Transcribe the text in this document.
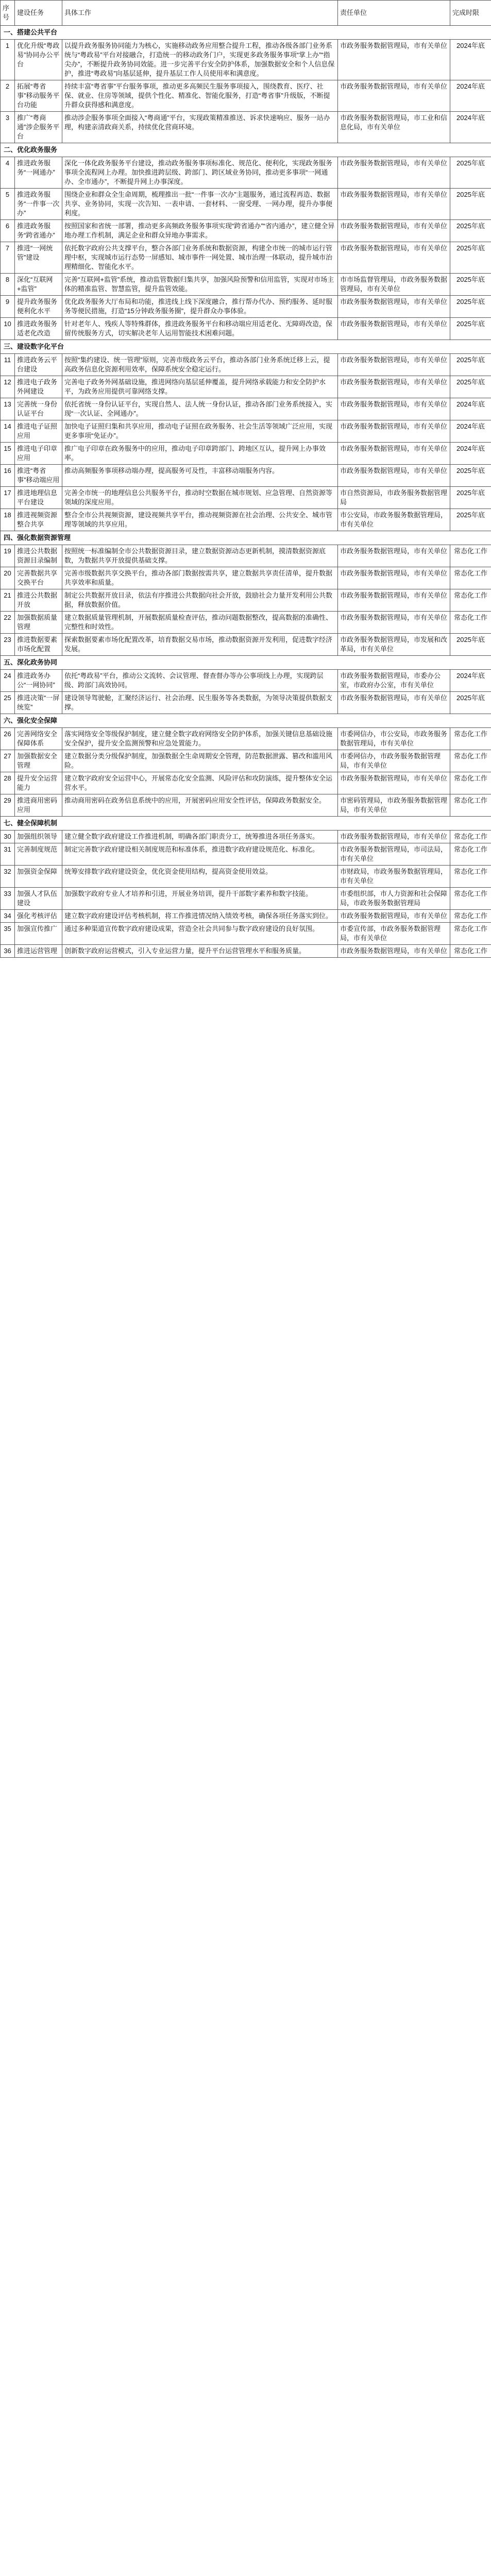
序号	建设任务	具体工作	责任单位	完成时限
一、搭建公共平台				
1	优化升级“粤政易”协同办公平台	以提升政务服务协同能力为核心，实施移动政务应用整合提升工程，推动各级各部门业务系统与“粤政易”平台对接融合，打造统一的移动政务门户，实现更多政务服务事项“掌上办”“指尖办”，不断提升政务协同效能。进一步完善平台安全防护体系，加强数据安全和个人信息保护，推进“粤政易”向基层延伸，提升基层工作人员使用率和满意度。	市政务服务数据管理局，市有关单位	2024年底
2	拓展“粤省事”移动服务平台功能	持续丰富“粤省事”平台服务事项，推动更多高频民生服务事项接入，围绕教育、医疗、社保、就业、住房等领域，提供个性化、精准化、智能化服务，打造“粤省事”升级版，不断提升群众获得感和满意度。	市政务服务数据管理局，市有关单位	2024年底
3	推广“粤商通”涉企服务平台	推动涉企服务事项全面接入“粤商通”平台，实现政策精准推送、诉求快速响应、服务一站办理，构建亲清政商关系，持续优化营商环境。	市政务服务数据管理局，市工业和信息化局，市有关单位	2024年底
二、优化政务服务				
4	推进政务服务“一网通办”	深化一体化政务服务平台建设，推动政务服务事项标准化、规范化、便利化，实现政务服务事项全流程网上办理。加快推进跨层级、跨部门、跨区域业务协同，推动更多事项“一网通办、全市通办”，不断提升网上办事深度。	市政务服务数据管理局，市有关单位	2025年底
5	推进政务服务“一件事一次办”	围绕企业和群众全生命周期，梳理推出一批“一件事一次办”主题服务，通过流程再造、数据共享、业务协同，实现一次告知、一表申请、一套材料、一窗受理、一网办理，提升办事便利度。	市政务服务数据管理局，市有关单位	2025年底
6	推进政务服务“跨省通办”	按照国家和省统一部署，推动更多高频政务服务事项实现“跨省通办”“省内通办”，建立健全异地办理工作机制，满足企业和群众异地办事需求。	市政务服务数据管理局，市有关单位	2025年底
7	推进“一网统管”建设	依托数字政府公共支撑平台，整合各部门业务系统和数据资源，构建全市统一的城市运行管理中枢，实现城市运行态势一屏感知、城市事件一网处置、城市治理一体联动，提升城市治理精细化、智能化水平。	市政务服务数据管理局，市有关单位	2025年底
8	深化“互联网+监管”	完善“互联网+监管”系统，推动监管数据归集共享，加强风险预警和信用监管，实现对市场主体的精准监管、智慧监管，提升监管效能。	市市场监督管理局，市政务服务数据管理局，市有关单位	2025年底
9	提升政务服务便利化水平	优化政务服务大厅布局和功能，推进线上线下深度融合，推行帮办代办、预约服务、延时服务等便民措施，打造“15分钟政务服务圈”，提升群众办事体验。	市政务服务数据管理局，市有关单位	2025年底
10	推进政务服务适老化改造	针对老年人、残疾人等特殊群体，推进政务服务平台和移动端应用适老化、无障碍改造，保留传统服务方式，切实解决老年人运用智能技术困难问题。	市政务服务数据管理局，市有关单位	2025年底
三、建设数字化平台				
11	推进政务云平台建设	按照“集约建设、统一管理”原则，完善市级政务云平台，推动各部门业务系统迁移上云，提高政务信息化资源利用效率，保障系统安全稳定运行。	市政务服务数据管理局，市有关单位	2025年底
12	推进电子政务外网建设	完善电子政务外网基础设施，推进网络向基层延伸覆盖，提升网络承载能力和安全防护水平，为政务应用提供可靠网络支撑。	市政务服务数据管理局，市有关单位	2025年底
13	完善统一身份认证平台	依托省统一身份认证平台，实现自然人、法人统一身份认证，推动各部门业务系统接入，实现“一次认证、全网通办”。	市政务服务数据管理局，市有关单位	2024年底
14	推进电子证照应用	加快电子证照归集和共享应用，推动电子证照在政务服务、社会生活等领域广泛应用，实现更多事项“免证办”。	市政务服务数据管理局，市有关单位	2024年底
15	推进电子印章应用	推广电子印章在政务服务中的应用，推动电子印章跨部门、跨地区互认，提升网上办事效率。	市政务服务数据管理局，市有关单位	2024年底
16	推进“粤省事”移动端应用	推动高频服务事项移动端办理，提高服务可及性，丰富移动端服务内容。	市政务服务数据管理局，市有关单位	2025年底
17	推进地理信息平台建设	完善全市统一的地理信息公共服务平台，推动时空数据在城市规划、应急管理、自然资源等领域的深度应用。	市自然资源局，市政务服务数据管理局	2025年底
18	推进视频资源整合共享	整合全市公共视频资源，建设视频共享平台，推动视频资源在社会治理、公共安全、城市管理等领域的共享应用。	市公安局，市政务服务数据管理局，市有关单位	2025年底
四、强化数据资源管理				
19	推进公共数据资源目录编制	按照统一标准编制全市公共数据资源目录，建立数据资源动态更新机制，摸清数据资源底数，为数据共享开放提供基础支撑。	市政务服务数据管理局，市有关单位	常态化工作
20	完善数据共享交换平台	完善市级数据共享交换平台，推动各部门数据按需共享，建立数据共享责任清单，提升数据共享效率和质量。	市政务服务数据管理局，市有关单位	常态化工作
21	推进公共数据开放	制定公共数据开放目录，依法有序推进公共数据向社会开放，鼓励社会力量开发利用公共数据，释放数据价值。	市政务服务数据管理局，市有关单位	常态化工作
22	加强数据质量管理	建立数据质量管理机制，开展数据质量检查评估，推动问题数据整改，提高数据的准确性、完整性和时效性。	市政务服务数据管理局，市有关单位	常态化工作
23	推进数据要素市场化配置	探索数据要素市场化配置改革，培育数据交易市场，推动数据资源开发利用，促进数字经济发展。	市政务服务数据管理局，市发展和改革局，市有关单位	2025年底
五、深化政务协同				
24	推进政务办公“一网协同”	依托“粤政易”平台，推动公文流转、会议管理、督查督办等办公事项线上办理，实现跨层级、跨部门高效协同。	市政务服务数据管理局，市委办公室，市政府办公室，市有关单位	2024年底
25	推进决策“一屏统览”	建设领导驾驶舱，汇聚经济运行、社会治理、民生服务等各类数据，为领导决策提供数据支撑。	市政务服务数据管理局，市有关单位	2025年底
六、强化安全保障				
26	完善网络安全保障体系	落实网络安全等级保护制度，建立健全数字政府网络安全防护体系，加强关键信息基础设施安全保护，提升安全监测预警和应急处置能力。	市委网信办，市公安局，市政务服务数据管理局，市有关单位	常态化工作
27	加强数据安全管理	建立数据分类分级保护制度，加强数据全生命周期安全管理，防范数据泄露、篡改和滥用风险。	市委网信办，市政务服务数据管理局，市有关单位	常态化工作
28	提升安全运营能力	建立数字政府安全运营中心，开展常态化安全监测、风险评估和攻防演练，提升整体安全运营水平。	市政务服务数据管理局，市有关单位	常态化工作
29	推进商用密码应用	推动商用密码在政务信息系统中的应用，开展密码应用安全性评估，保障政务数据安全。	市密码管理局，市政务服务数据管理局，市有关单位	常态化工作
七、健全保障机制				
30	加强组织领导	建立健全数字政府建设工作推进机制，明确各部门职责分工，统筹推进各项任务落实。	市政务服务数据管理局，市有关单位	常态化工作
31	完善制度规范	制定完善数字政府建设相关制度规范和标准体系，推进数字政府建设规范化、标准化。	市政务服务数据管理局，市司法局，市有关单位	常态化工作
32	加强资金保障	统筹安排数字政府建设资金，优化资金使用结构，提高资金使用效益。	市财政局，市政务服务数据管理局，市有关单位	常态化工作
33	加强人才队伍建设	加强数字政府专业人才培养和引进，开展业务培训，提升干部数字素养和数字技能。	市委组织部，市人力资源和社会保障局，市政务服务数据管理局	常态化工作
34	强化考核评估	建立数字政府建设评估考核机制，将工作推进情况纳入绩效考核，确保各项任务落实到位。	市政务服务数据管理局，市有关单位	常态化工作
35	加强宣传推广	通过多种渠道宣传数字政府建设成果，营造全社会共同参与数字政府建设的良好氛围。	市委宣传部，市政务服务数据管理局，市有关单位	常态化工作
36	推进运营管理	创新数字政府运营模式，引入专业运营力量，提升平台运营管理水平和服务质量。	市政务服务数据管理局，市有关单位	常态化工作
